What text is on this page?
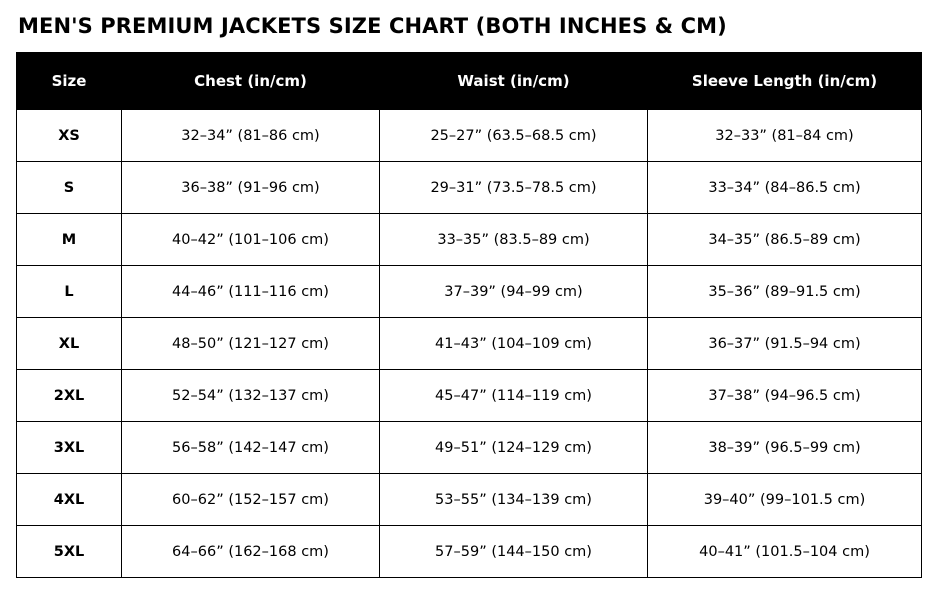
MEN'S PREMIUM JACKETS SIZE CHART (BOTH INCHES & CM)
Size	Chest (in/cm)	Waist (in/cm)	Sleeve Length (in/cm)
XS	32–34” (81–86 cm)	25–27” (63.5–68.5 cm)	32–33” (81–84 cm)
S	36–38” (91–96 cm)	29–31” (73.5–78.5 cm)	33–34” (84–86.5 cm)
M	40–42” (101–106 cm)	33–35” (83.5–89 cm)	34–35” (86.5–89 cm)
L	44–46” (111–116 cm)	37–39” (94–99 cm)	35–36” (89–91.5 cm)
XL	48–50” (121–127 cm)	41–43” (104–109 cm)	36–37” (91.5–94 cm)
2XL	52–54” (132–137 cm)	45–47” (114–119 cm)	37–38” (94–96.5 cm)
3XL	56–58” (142–147 cm)	49–51” (124–129 cm)	38–39” (96.5–99 cm)
4XL	60–62” (152–157 cm)	53–55” (134–139 cm)	39–40” (99–101.5 cm)
5XL	64–66” (162–168 cm)	57–59” (144–150 cm)	40–41” (101.5–104 cm)
